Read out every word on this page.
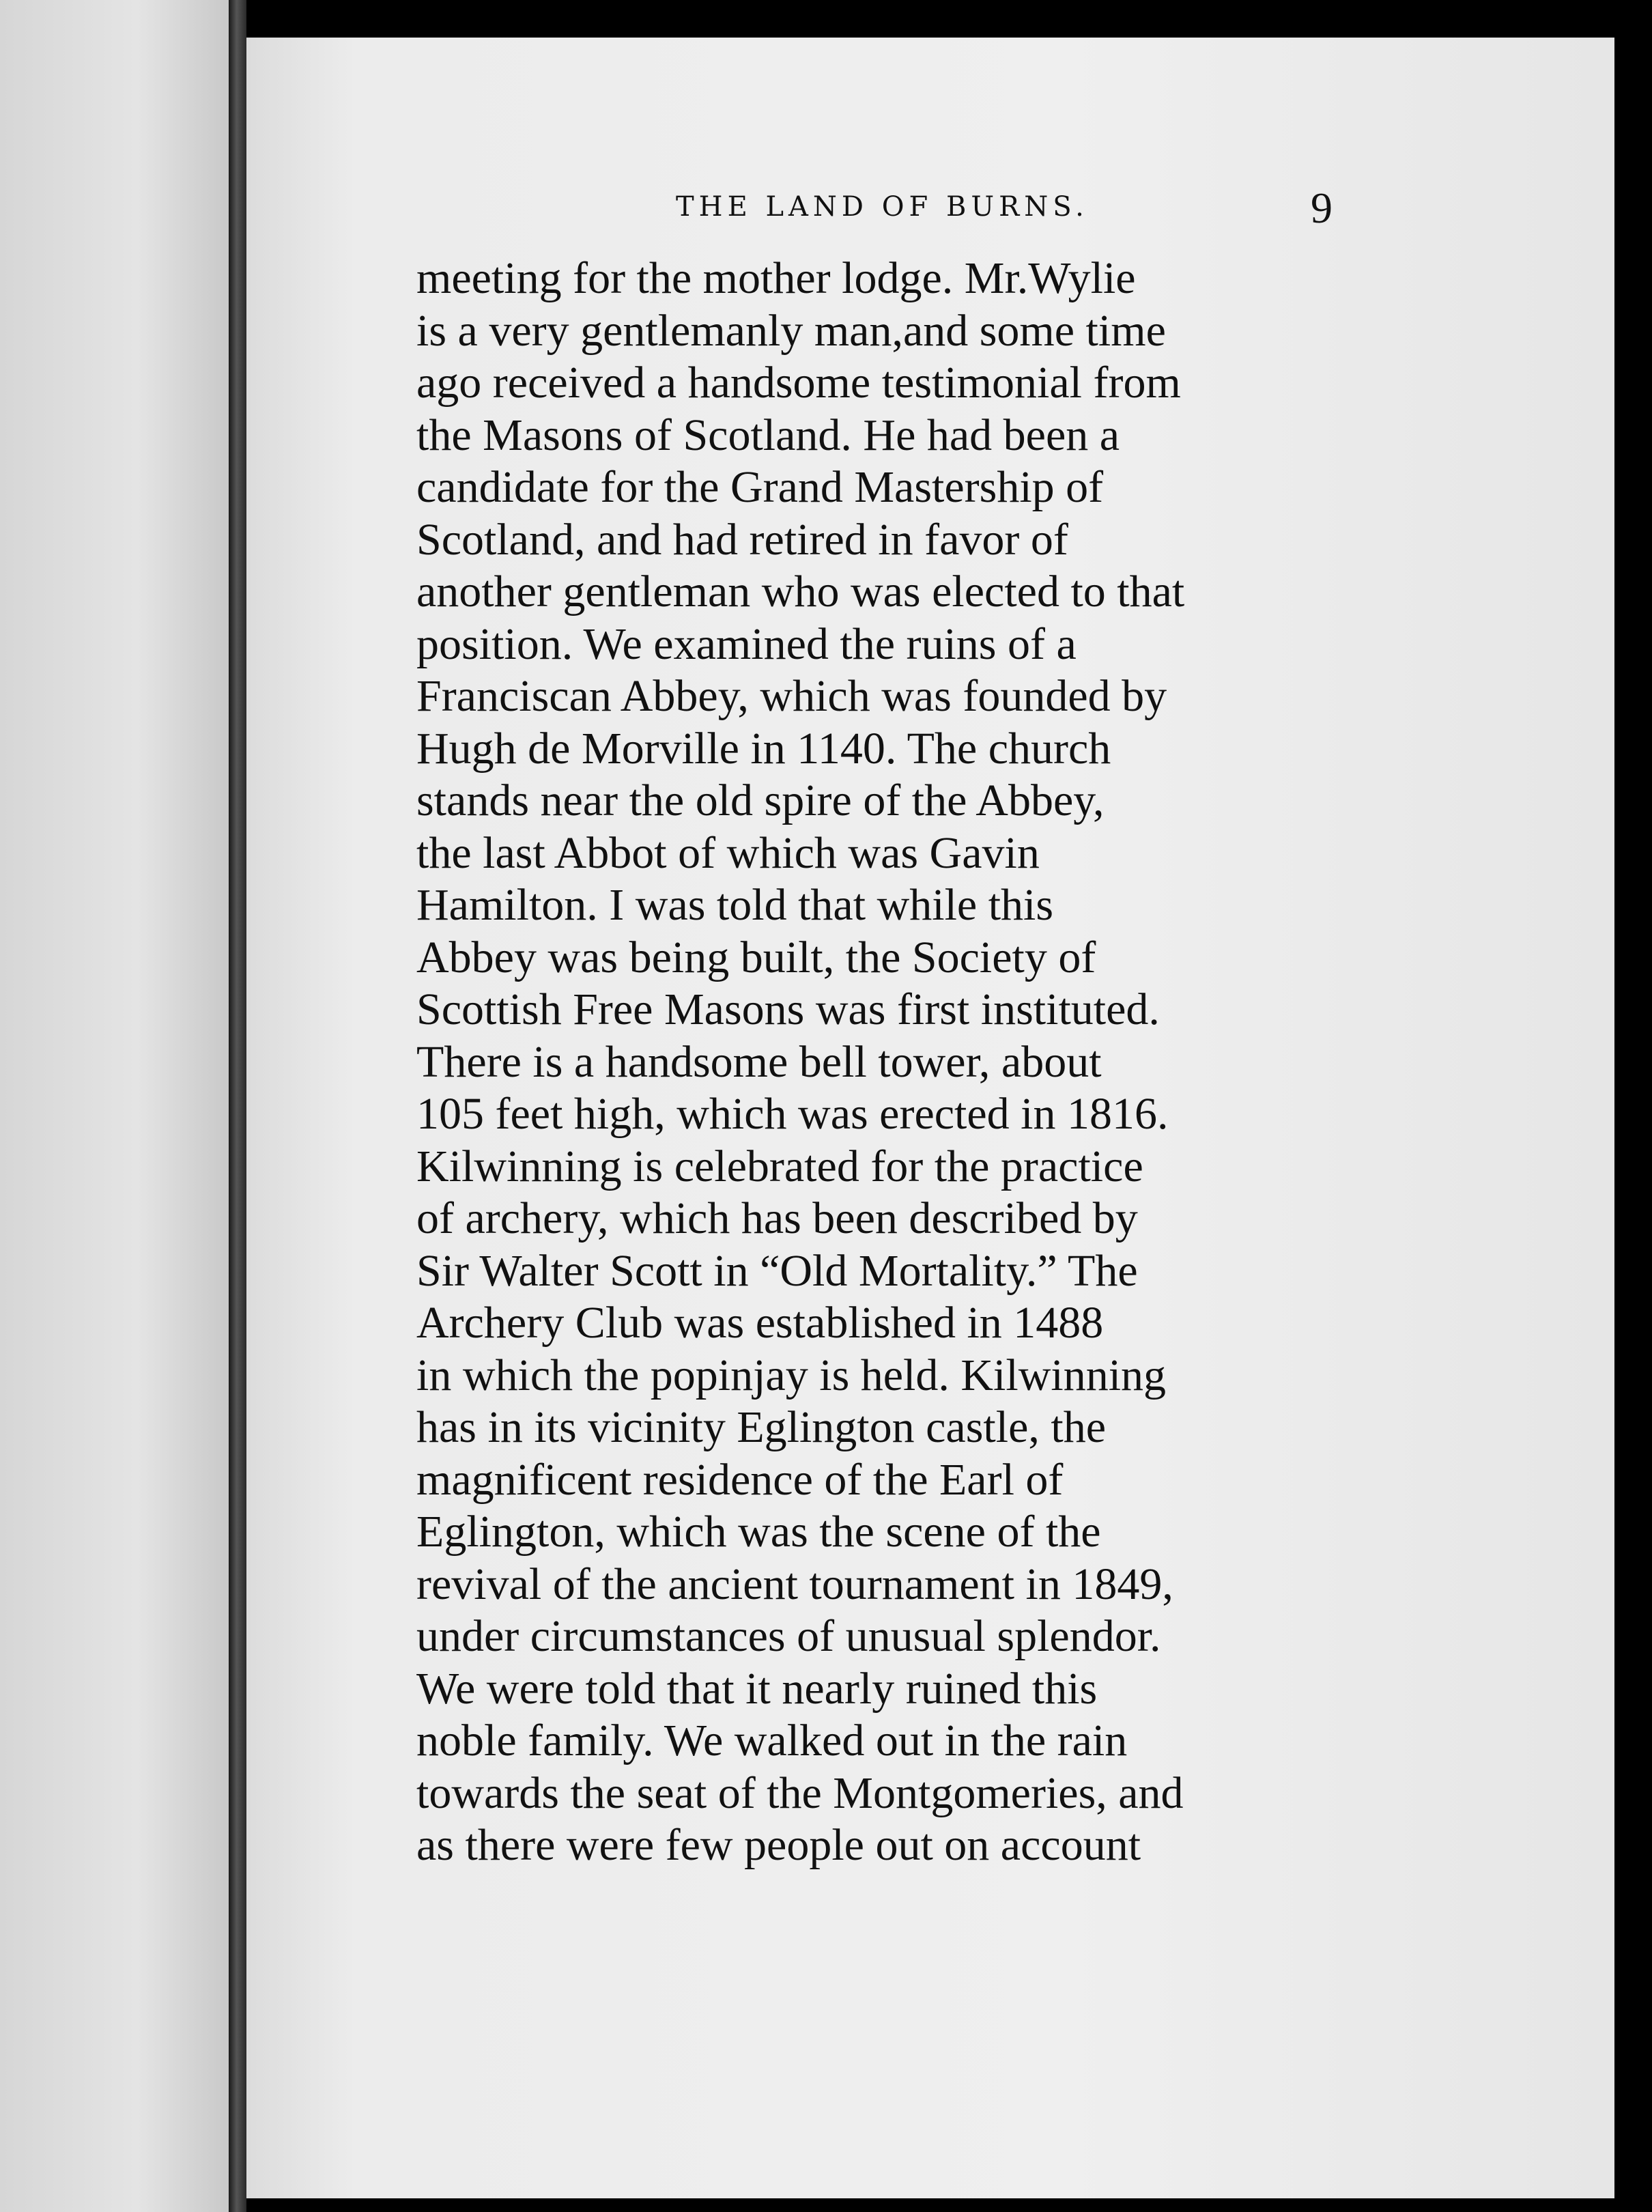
THE LAND OF BURNS.	9
meeting for the mother lodge. Mr.Wylie
is a very gentlemanly man,and some time
ago received a handsome testimonial from
the Masons of Scotland. He had been a
candidate for the Grand Mastership of
Scotland, and had retired in favor of
another gentleman who was elected to that
position. We examined the ruins of a
Franciscan Abbey, which was founded by
Hugh de Morville in 1140. The church
stands near the old spire of the Abbey,
the last Abbot of which was Gavin
Hamilton. I was told that while this
Abbey was being built, the Society of
Scottish Free Masons was first instituted.
There is a handsome bell tower, about
105 feet high, which was erected in 1816.
Kilwinning is celebrated for the practice
of archery, which has been described by
Sir Walter Scott in “Old Mortality.” The
Archery Club was established in 1488
in which the popinjay is held. Kilwinning
has in its vicinity Eglington castle, the
magnificent residence of the Earl of
Eglington, which was the scene of the
revival of the ancient tournament in 1849,
under circumstances of unusual splendor.
We were told that it nearly ruined this
noble family. We walked out in the rain
towards the seat of the Montgomeries, and
as there were few people out on account
